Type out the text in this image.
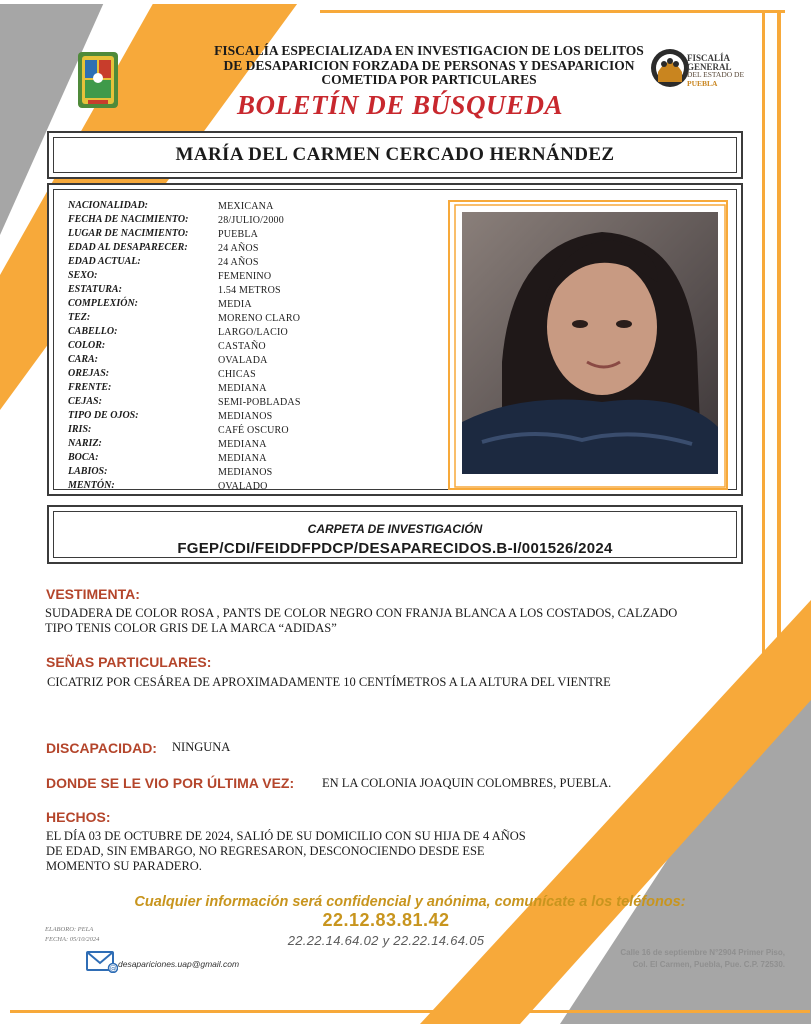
FISCALÍA ESPECIALIZADA EN INVESTIGACION DE LOS DELITOS
DE DESAPARICION FORZADA DE PERSONAS Y DESAPARICION
COMETIDA POR PARTICULARES
FISCALÍA GENERAL
DEL ESTADO DE
PUEBLA
BOLETÍN DE BÚSQUEDA
MARÍA DEL CARMEN CERCADO HERNÁNDEZ
NACIONALIDAD:	MEXICANA
FECHA DE NACIMIENTO:	28/JULIO/2000
LUGAR DE NACIMIENTO:	PUEBLA
EDAD AL DESAPARECER:	24 AÑOS
EDAD ACTUAL:	24 AÑOS
SEXO:	FEMENINO
ESTATURA:	1.54 METROS
COMPLEXIÓN:	MEDIA
TEZ:	MORENO CLARO
CABELLO:	LARGO/LACIO
COLOR:	CASTAÑO
CARA:	OVALADA
OREJAS:	CHICAS
FRENTE:	MEDIANA
CEJAS:	SEMI-POBLADAS
TIPO DE OJOS:	MEDIANOS
IRIS:	CAFÉ OSCURO
NARIZ:	MEDIANA
BOCA:	MEDIANA
LABIOS:	MEDIANOS
MENTÓN:	OVALADO
CARPETA DE INVESTIGACIÓN
FGEP/CDI/FEIDDFPDCP/DESAPARECIDOS.B-I/001526/2024
VESTIMENTA:
SUDADERA DE COLOR ROSA , PANTS DE COLOR NEGRO CON FRANJA BLANCA A LOS COSTADOS, CALZADO
TIPO TENIS COLOR GRIS DE LA MARCA “ADIDAS”
SEÑAS PARTICULARES:
CICATRIZ POR CESÁREA DE APROXIMADAMENTE 10 CENTÍMETROS A LA ALTURA DEL VIENTRE
DISCAPACIDAD: NINGUNA
DONDE SE LE VIO POR ÚLTIMA VEZ: EN LA COLONIA JOAQUIN COLOMBRES, PUEBLA.
HECHOS:
EL DÍA 03 DE OCTUBRE DE 2024, SALIÓ DE SU DOMICILIO CON SU HIJA DE 4 AÑOS
DE EDAD, SIN EMBARGO, NO REGRESARON, DESCONOCIENDO DESDE ESE
MOMENTO SU PARADERO.
Cualquier información será confidencial y anónima, comunícate a los teléfonos:
22.12.83.81.42
22.22.14.64.02 y 22.22.14.64.05
ELABORO: PELA
FECHA: 05/10/2024
@ desapariciones.uap@gmail.com
Calle 16 de septiembre N°2904 Primer Piso,
Col. El Carmen, Puebla, Pue. C.P. 72530.
